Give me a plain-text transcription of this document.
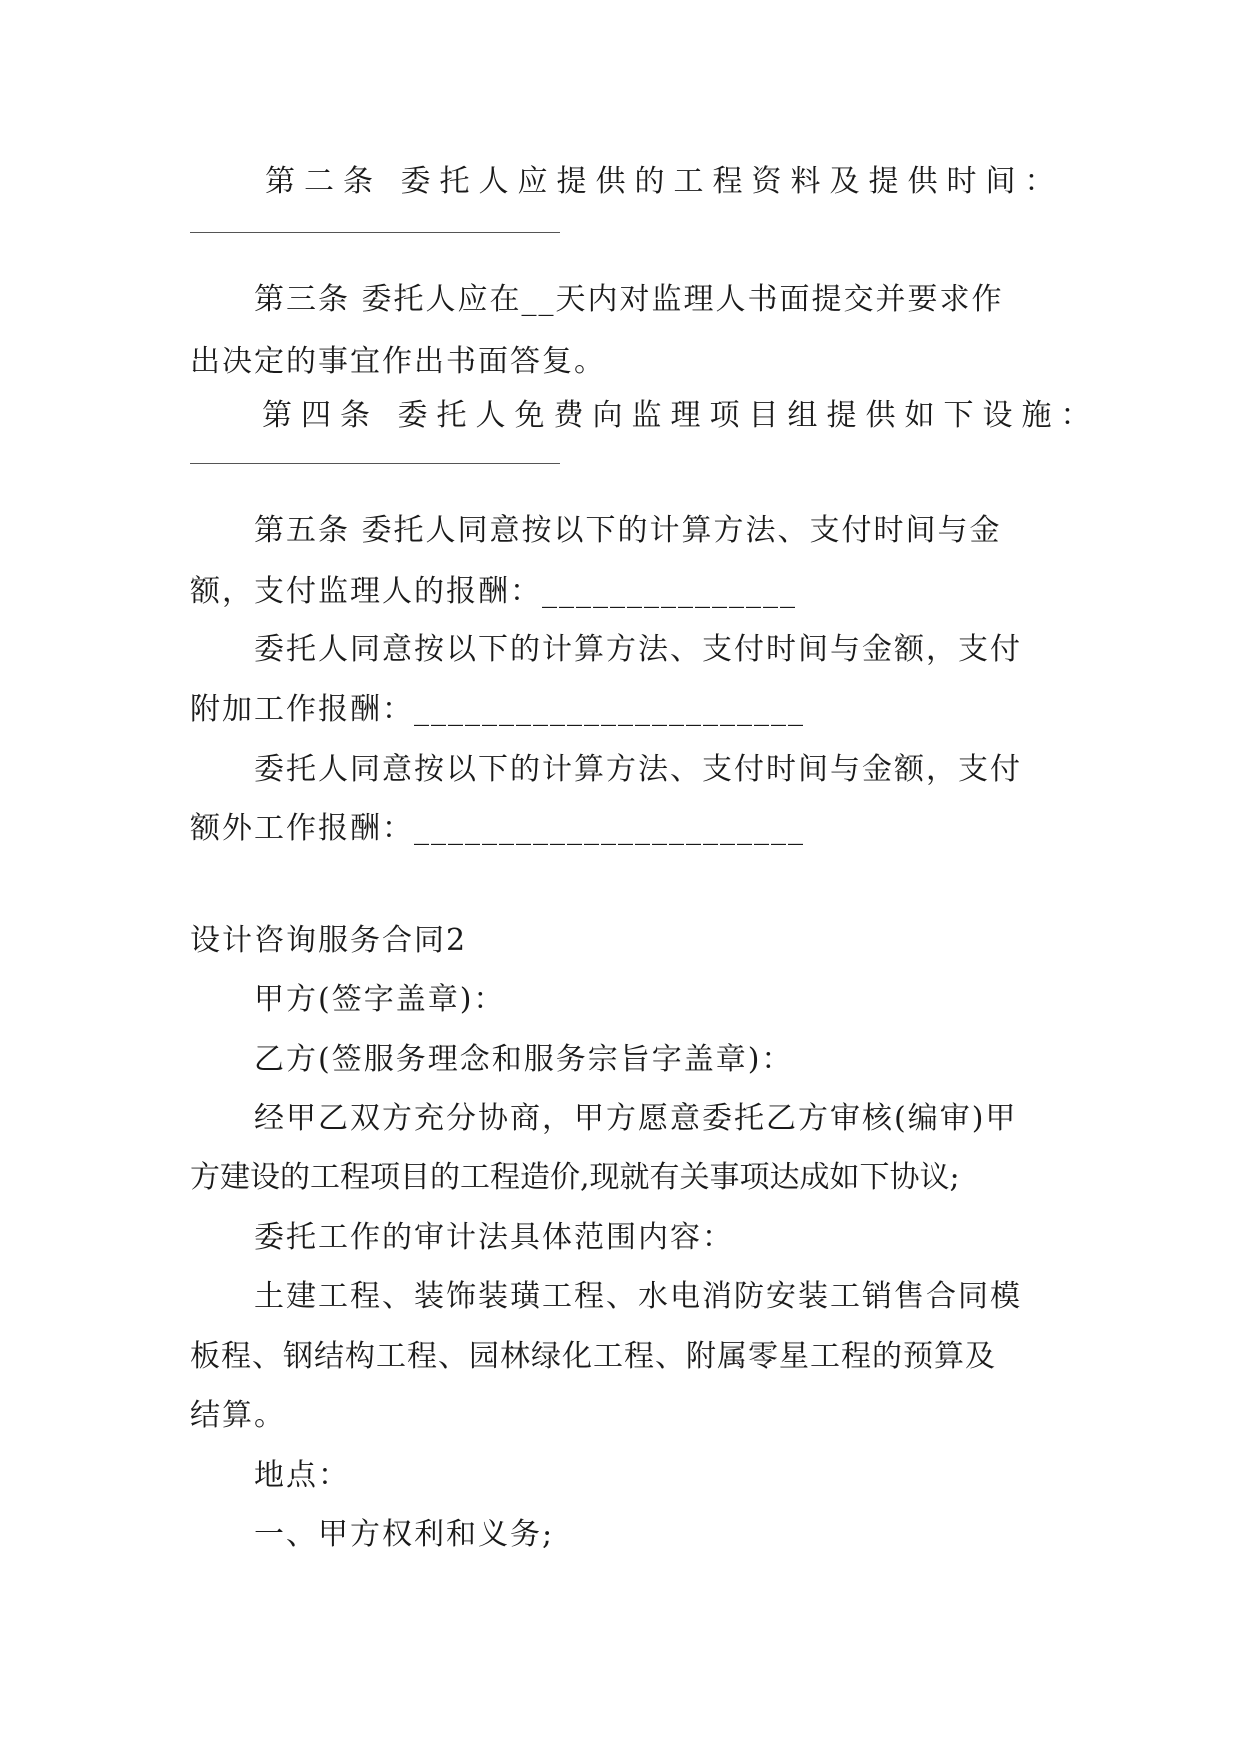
第二条 委托人应提供的工程资料及提供时间：
第三条 委托人应在__天内对监理人书面提交并要求作
出决定的事宜作出书面答复。
第四条 委托人免费向监理项目组提供如下设施：
第五条 委托人同意按以下的计算方法、支付时间与金
额，支付监理人的报酬：_______________
委托人同意按以下的计算方法、支付时间与金额，支付
附加工作报酬：_______________________
委托人同意按以下的计算方法、支付时间与金额，支付
额外工作报酬：_______________________
设计咨询服务合同2
甲方(签字盖章)：
乙方(签服务理念和服务宗旨字盖章)：
经甲乙双方充分协商，甲方愿意委托乙方审核(编审)甲
方建设的工程项目的工程造价,现就有关事项达成如下协议;
委托工作的审计法具体范围内容：
土建工程、装饰装璜工程、水电消防安装工销售合同模
板程、钢结构工程、园林绿化工程、附属零星工程的预算及
结算。
地点：
一、甲方权利和义务;
